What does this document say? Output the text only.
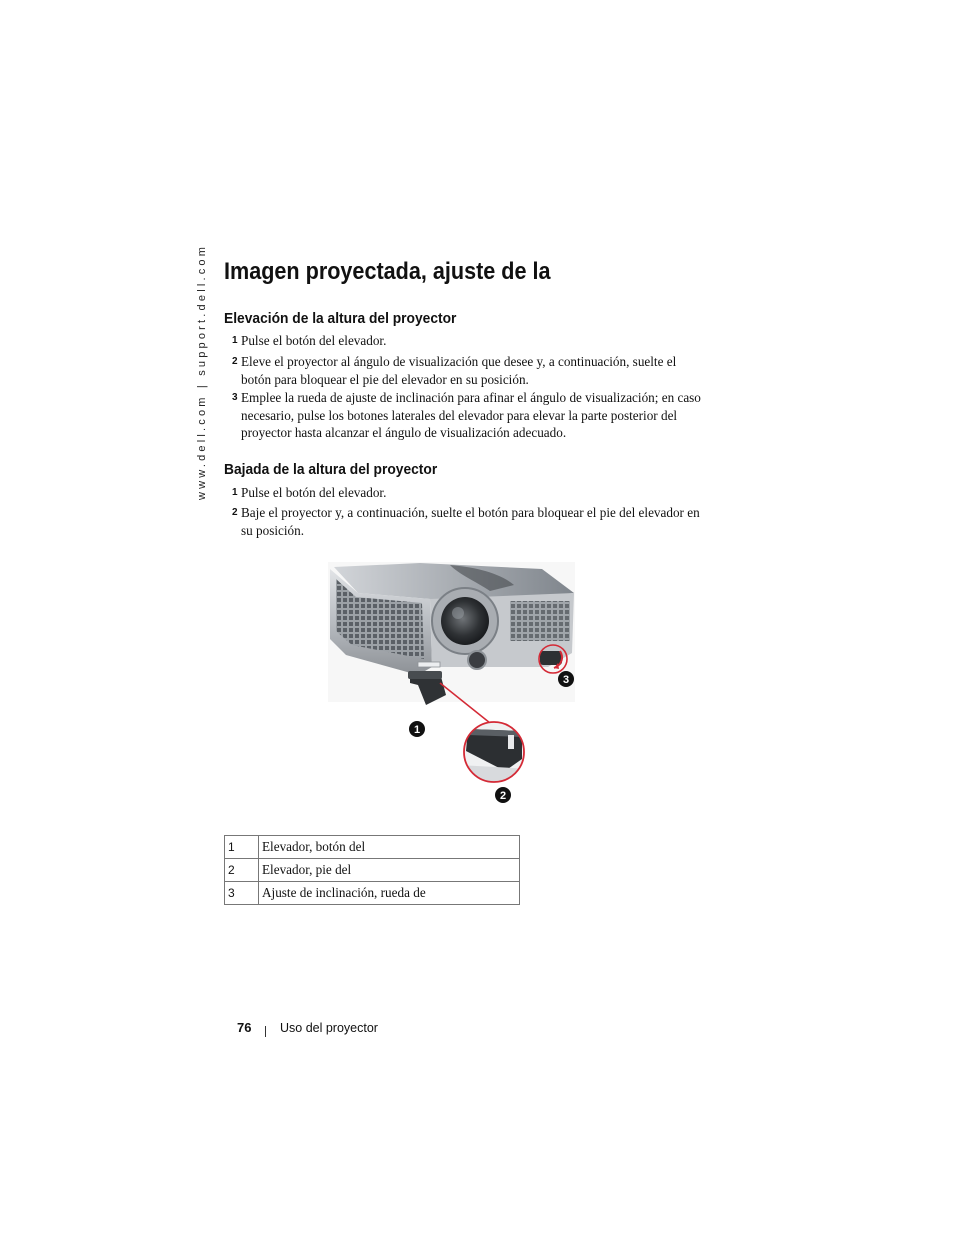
www.dell.com | support.dell.com Imagen proyectada, ajuste de la
Elevación de la altura del proyector
1 Pulse el botón del elevador.
2 Eleve el proyector al ángulo de visualización que desee y, a continuación, suelte el botón para bloquear el pie del elevador en su posición.
3 Emplee la rueda de ajuste de inclinación para afinar el ángulo de visualización; en caso necesario, pulse los botones laterales del elevador para elevar la parte posterior del proyector hasta alcanzar el ángulo de visualización adecuado.
Bajada de la altura del proyector
1 Pulse el botón del elevador.
2 Baje el proyector y, a continuación, suelte el botón para bloquear el pie del elevador en su posición.
1
2
3
1	Elevador, botón del
2	Elevador, pie del
3	Ajuste de inclinación, rueda de
76 Uso del proyector
